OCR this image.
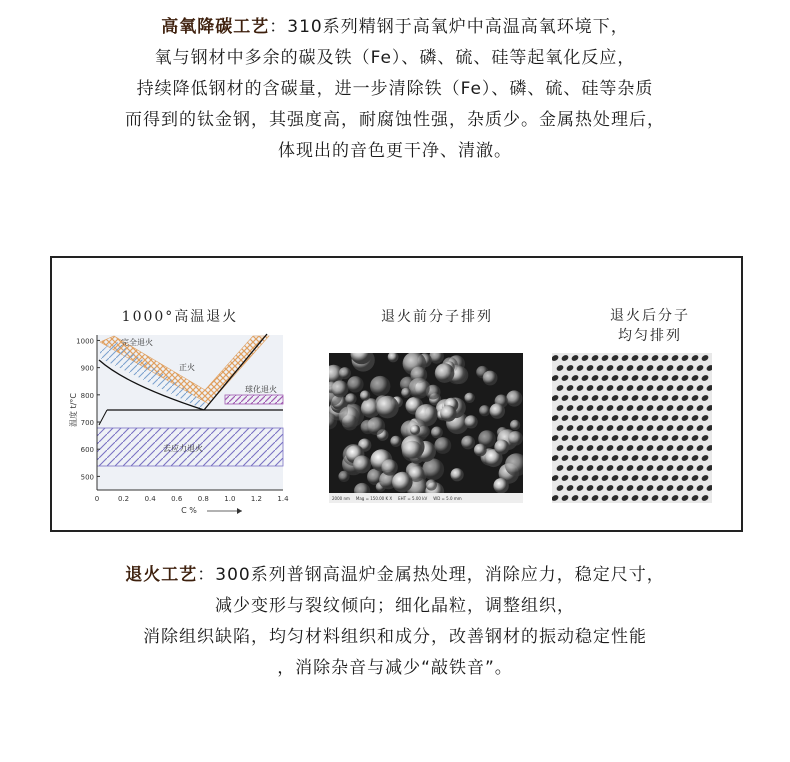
高氧降碳工艺：310系列精钢于高氧炉中高温高氧环境下，
氧与钢材中多余的碳及铁（Fe）、磷、硫、硅等起氧化反应，
持续降低钢材的含碳量，进一步清除铁（Fe）、磷、硫、硅等杂质
而得到的钛金钢，其强度高，耐腐蚀性强，杂质少。金属热处理后，
体现出的音色更干净、清澈。
1000°高温退火	退火前分子排列	退火后分子
均匀排列
1000
900
800
700
600
500
0	0.2 0.4 0.6 0.8 1.0 1.2 1.4
温度 t/°C
C %
完全退火
正火
球化退火
去应力退火
2000 nm Mag = 150.00 K X EHT = 5.00 kV WD = 5.0 mm
退火工艺：300系列普钢高温炉金属热处理，消除应力，稳定尺寸，
减少变形与裂纹倾向；细化晶粒，调整组织，
消除组织缺陷，均匀材料组织和成分，改善钢材的振动稳定性能
，消除杂音与减少“敲铁音”。
